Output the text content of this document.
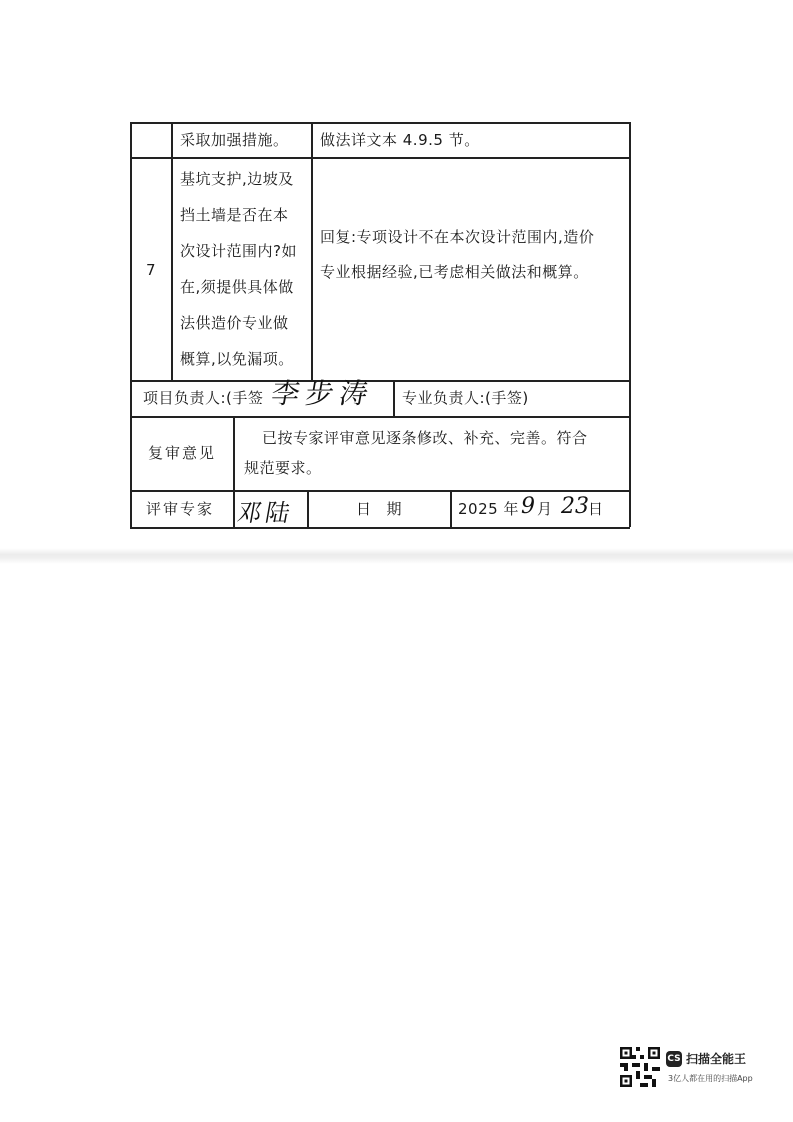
采取加强措施。 做法详文本 4.9.5 节。
7
基坑支护,边坡及
挡土墙是否在本
次设计范围内?如
在,须提供具体做
法供造价专业做
概算,以免漏项。
回复:专项设计不在本次设计范围内,造价
专业根据经验,已考虑相关做法和概算。
项目负责人:(手签 李步涛 专业负责人:(手签)
复审意见
已按专家评审意见逐条修改、补充、完善。符合
规范要求。
评审专家 邓陆	日  期	2025 年 9 月 23 日
CS 扫描全能王
3亿人都在用的扫描App
